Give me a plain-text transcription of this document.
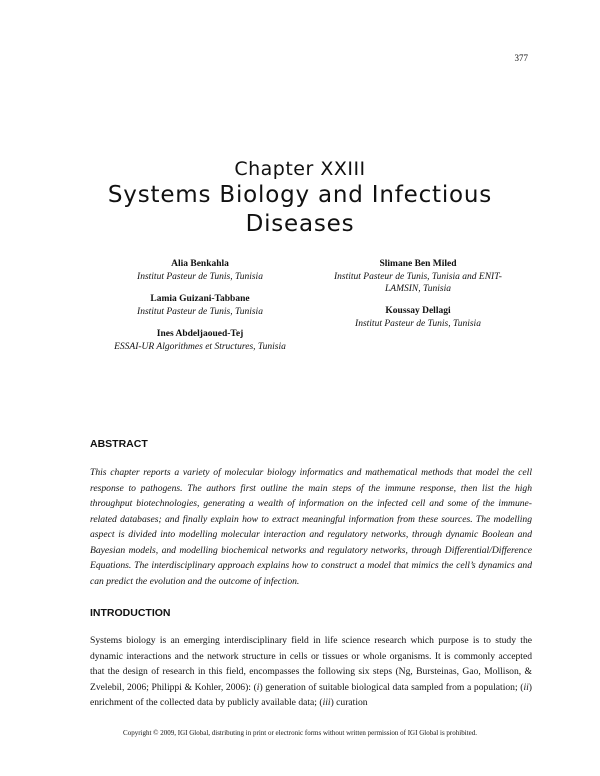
377
Chapter XXIII
Systems Biology and Infectious Diseases
Alia Benkahla
Institut Pasteur de Tunis, Tunisia
Lamia Guizani-Tabbane
Institut Pasteur de Tunis, Tunisia
Ines Abdeljaoued-Tej
ESSAI-UR Algorithmes et Structures, Tunisia
Slimane Ben Miled
Institut Pasteur de Tunis, Tunisia and ENIT-LAMSIN, Tunisia
Koussay Dellagi
Institut Pasteur de Tunis, Tunisia
ABSTRACT

This chapter reports a variety of molecular biology informatics and mathematical methods that model the cell response to pathogens. The authors first outline the main steps of the immune response, then list the high throughput biotechnologies, generating a wealth of information on the infected cell and some of the immune-related databases; and finally explain how to extract meaningful information from these sources. The modelling aspect is divided into modelling molecular interaction and regulatory networks, through dynamic Boolean and Bayesian models, and modelling biochemical networks and regulatory networks, through Differential/Difference Equations. The interdisciplinary approach explains how to construct a model that mimics the cell’s dynamics and can predict the evolution and the outcome of infection.

INTRODUCTION

Systems biology is an emerging interdisciplinary field in life science research which purpose is to study the dynamic interactions and the network structure in cells or tissues or whole organisms. It is commonly accepted that the design of research in this field, encompasses the following six steps (Ng, Bursteinas, Gao, Mollison, & Zvelebil, 2006; Philippi & Kohler, 2006): (i) generation of suitable biological data sampled from a population; (ii) enrichment of the collected data by publicly available data; (iii) curation

Copyright © 2009, IGI Global, distributing in print or electronic forms without written permission of IGI Global is prohibited.
